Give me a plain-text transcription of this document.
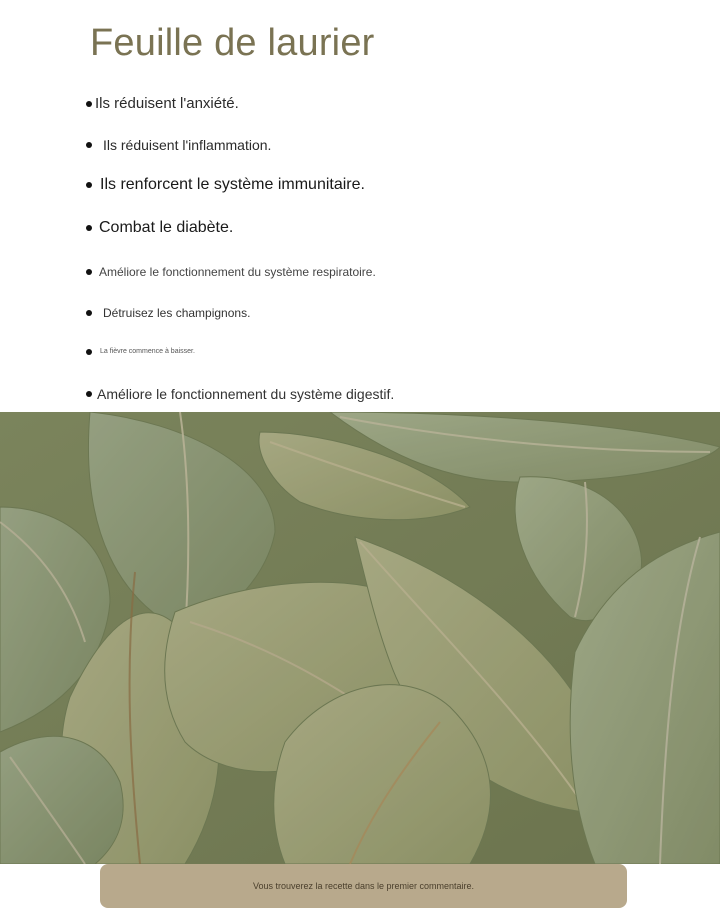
Feuille de laurier
Ils réduisent l'anxiété.
Ils réduisent l'inflammation.
Ils renforcent le système immunitaire.
Combat le diabète.
Améliore le fonctionnement du système respiratoire.
Détruisez les champignons.
La fièvre commence à baisser.
Améliore le fonctionnement du système digestif.
Vous trouverez la recette dans le premier commentaire.
